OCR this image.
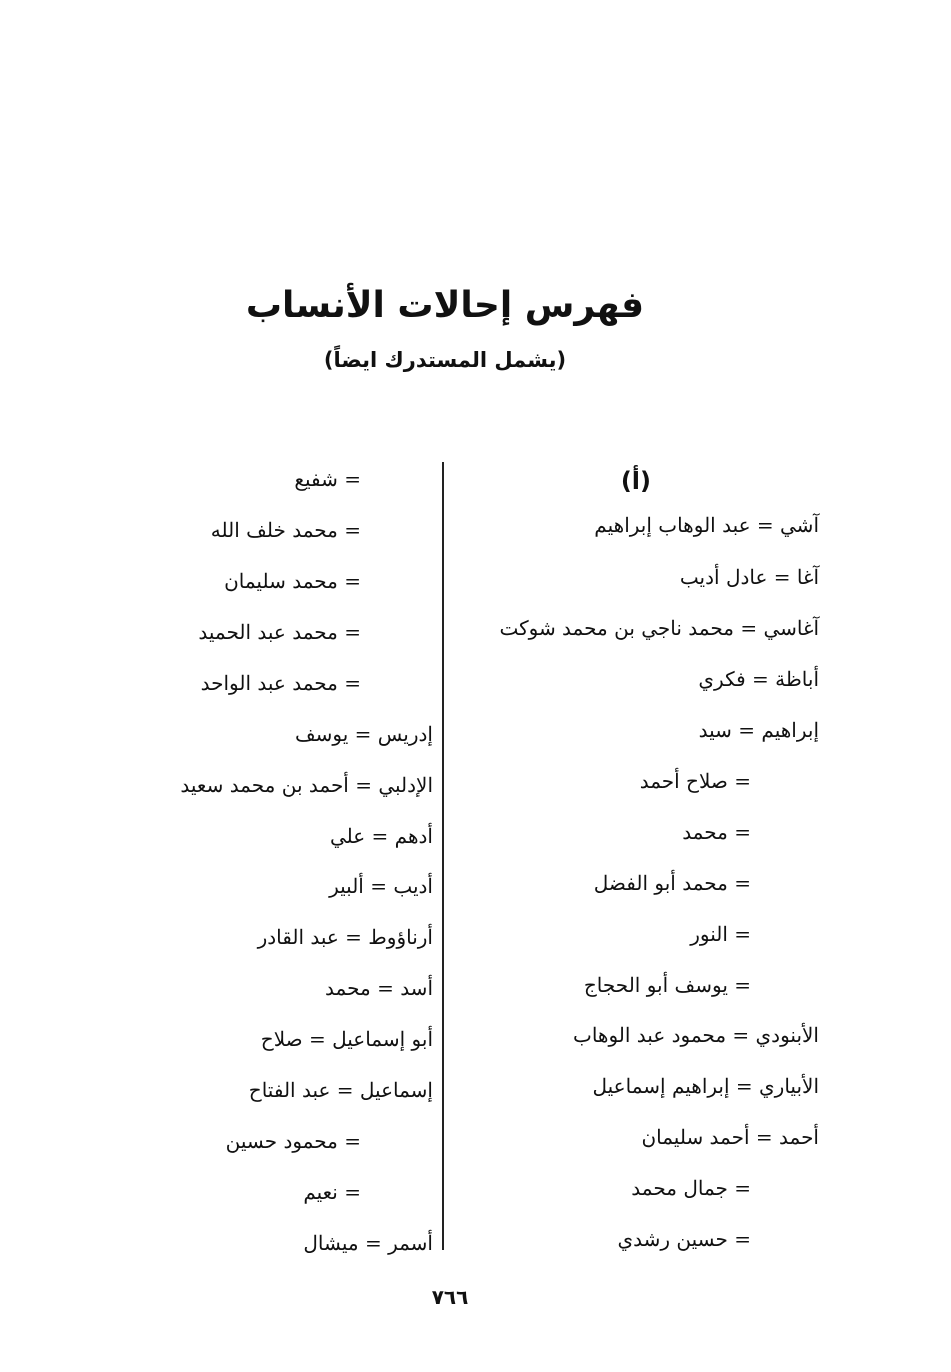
فهرس إحالات الأنساب
(يشمل المستدرك ايضاً)
(أ)
آشي = عبد الوهاب إبراهيم
آغا = عادل أديب
آغاسي = محمد ناجي بن محمد شوكت
أباظة = فكري
إبراهيم = سيد
= صلاح أحمد
= محمد
= محمد أبو الفضل
= النور
= يوسف أبو الحجاج
الأبنودي = محمود عبد الوهاب
الأبياري = إبراهيم إسماعيل
أحمد = أحمد سليمان
= جمال محمد
= حسين رشدي
= شفيع
= محمد خلف الله
= محمد سليمان
= محمد عبد الحميد
= محمد عبد الواحد
إدريس = يوسف
الإدلبي = أحمد بن محمد سعيد
أدهم = علي
أديب = ألبير
أرناؤوط = عبد القادر
أسد = محمد
أبو إسماعيل = صلاح
إسماعيل = عبد الفتاح
= محمود حسين
= نعيم
أسمر = ميشال
٧٦٦
